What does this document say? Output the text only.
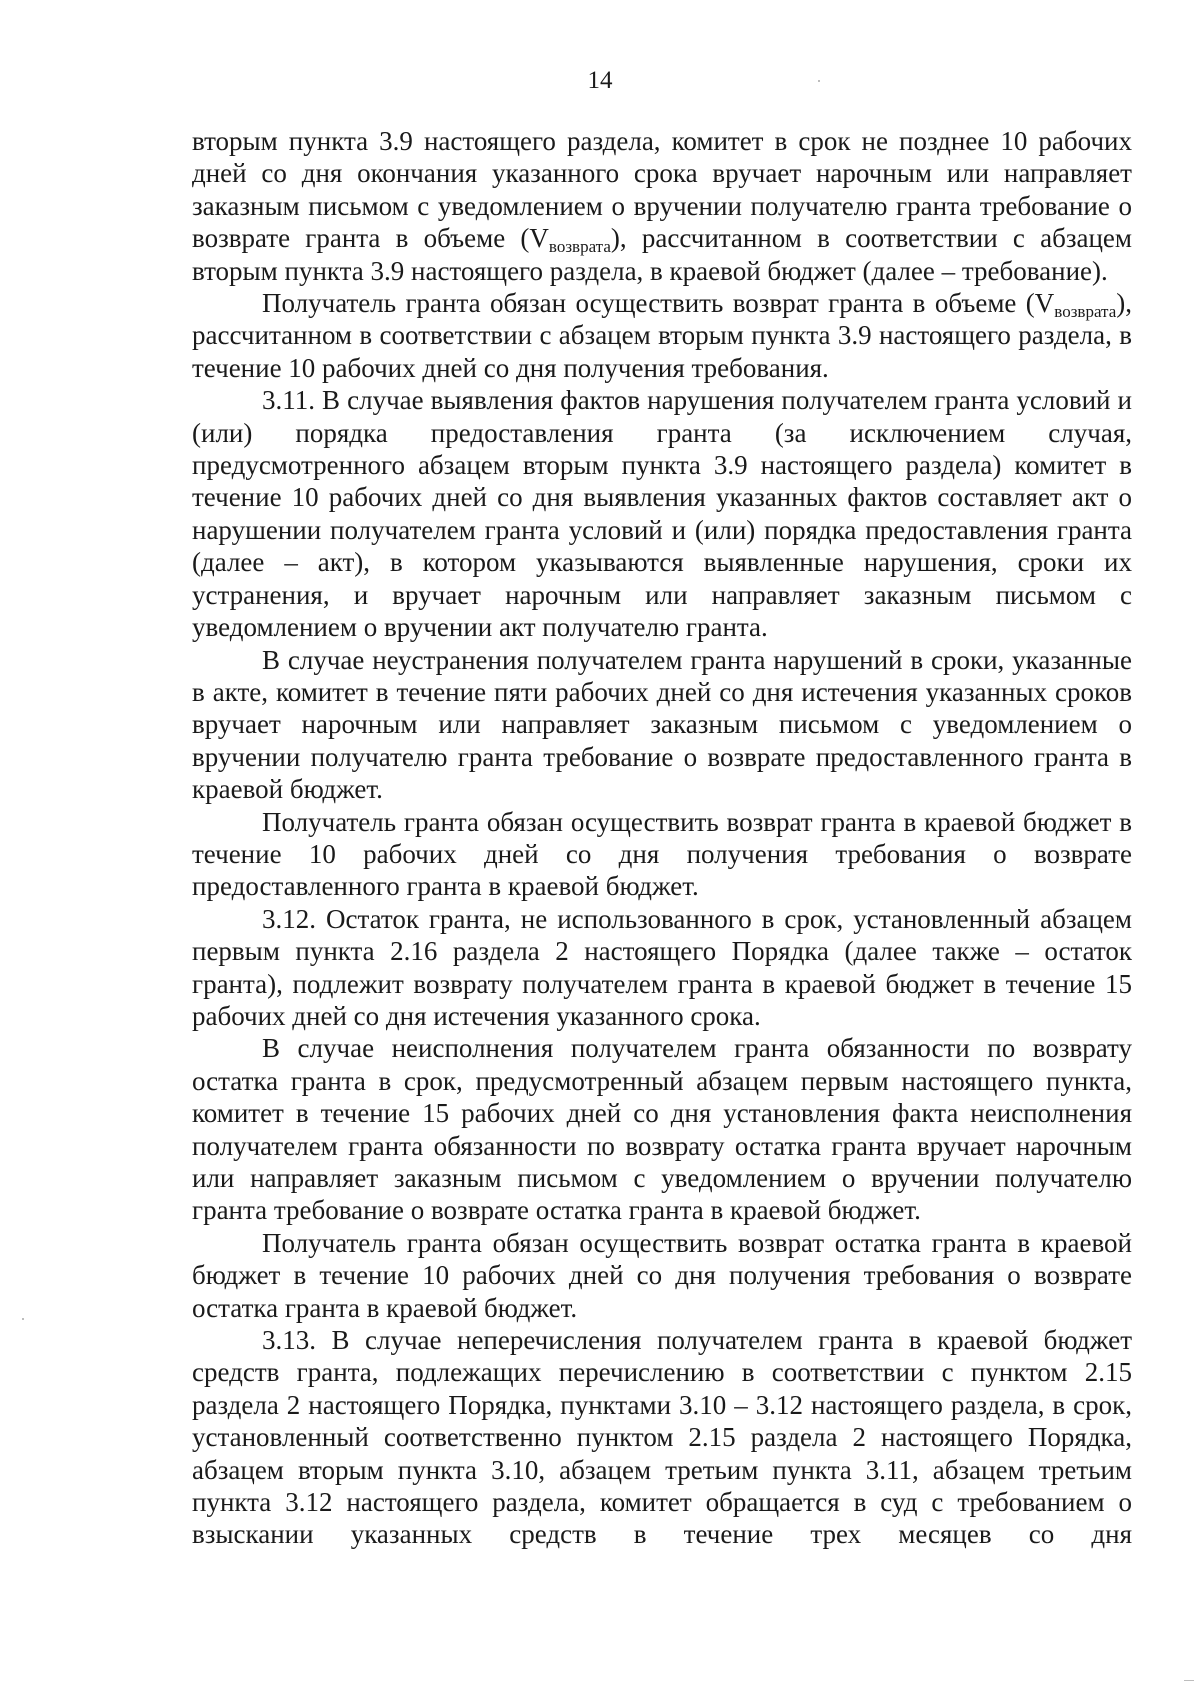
14

вторым пункта 3.9 настоящего раздела, комитет в срок не позднее 10 рабочих дней со дня окончания указанного срока вручает нарочным или направляет заказным письмом с уведомлением о вручении получателю гранта требование о возврате гранта в объеме $(V_{возврата})$, рассчитанном в соответствии с абзацем вторым пункта 3.9 настоящего раздела, в краевой бюджет (далее – требование).

Получатель гранта обязан осуществить возврат гранта в объеме $(V_{возврата})$, рассчитанном в соответствии с абзацем вторым пункта 3.9 настоящего раздела, в течение 10 рабочих дней со дня получения требования.

3.11. В случае выявления фактов нарушения получателем гранта условий и (или) порядка предоставления гранта (за исключением случая, предусмотренного абзацем вторым пункта 3.9 настоящего раздела) комитет в течение 10 рабочих дней со дня выявления указанных фактов составляет акт о нарушении получателем гранта условий и (или) порядка предоставления гранта (далее – акт), в котором указываются выявленные нарушения, сроки их устранения, и вручает нарочным или направляет заказным письмом с уведомлением о вручении акт получателю гранта.

В случае неустранения получателем гранта нарушений в сроки, указанные в акте, комитет в течение пяти рабочих дней со дня истечения указанных сроков вручает нарочным или направляет заказным письмом с уведомлением о вручении получателю гранта требование о возврате предоставленного гранта в краевой бюджет.

Получатель гранта обязан осуществить возврат гранта в краевой бюджет в течение 10 рабочих дней со дня получения требования о возврате предоставленного гранта в краевой бюджет.

3.12. Остаток гранта, не использованного в срок, установленный абзацем первым пункта 2.16 раздела 2 настоящего Порядка (далее также – остаток гранта), подлежит возврату получателем гранта в краевой бюджет в течение 15 рабочих дней со дня истечения указанного срока.

В случае неисполнения получателем гранта обязанности по возврату остатка гранта в срок, предусмотренный абзацем первым настоящего пункта, комитет в течение 15 рабочих дней со дня установления факта неисполнения получателем гранта обязанности по возврату остатка гранта вручает нарочным или направляет заказным письмом с уведомлением о вручении получателю гранта требование о возврате остатка гранта в краевой бюджет.

Получатель гранта обязан осуществить возврат остатка гранта в краевой бюджет в течение 10 рабочих дней со дня получения требования о возврате остатка гранта в краевой бюджет.

3.13. В случае неперечисления получателем гранта в краевой бюджет средств гранта, подлежащих перечислению в соответствии с пунктом 2.15 раздела 2 настоящего Порядка, пунктами 3.10 – 3.12 настоящего раздела, в срок, установленный соответственно пунктом 2.15 раздела 2 настоящего Порядка, абзацем вторым пункта 3.10, абзацем третьим пункта 3.11, абзацем третьим пункта 3.12 настоящего раздела, комитет обращается в суд с требованием о взыскании указанных средств в течение трех месяцев со дня
